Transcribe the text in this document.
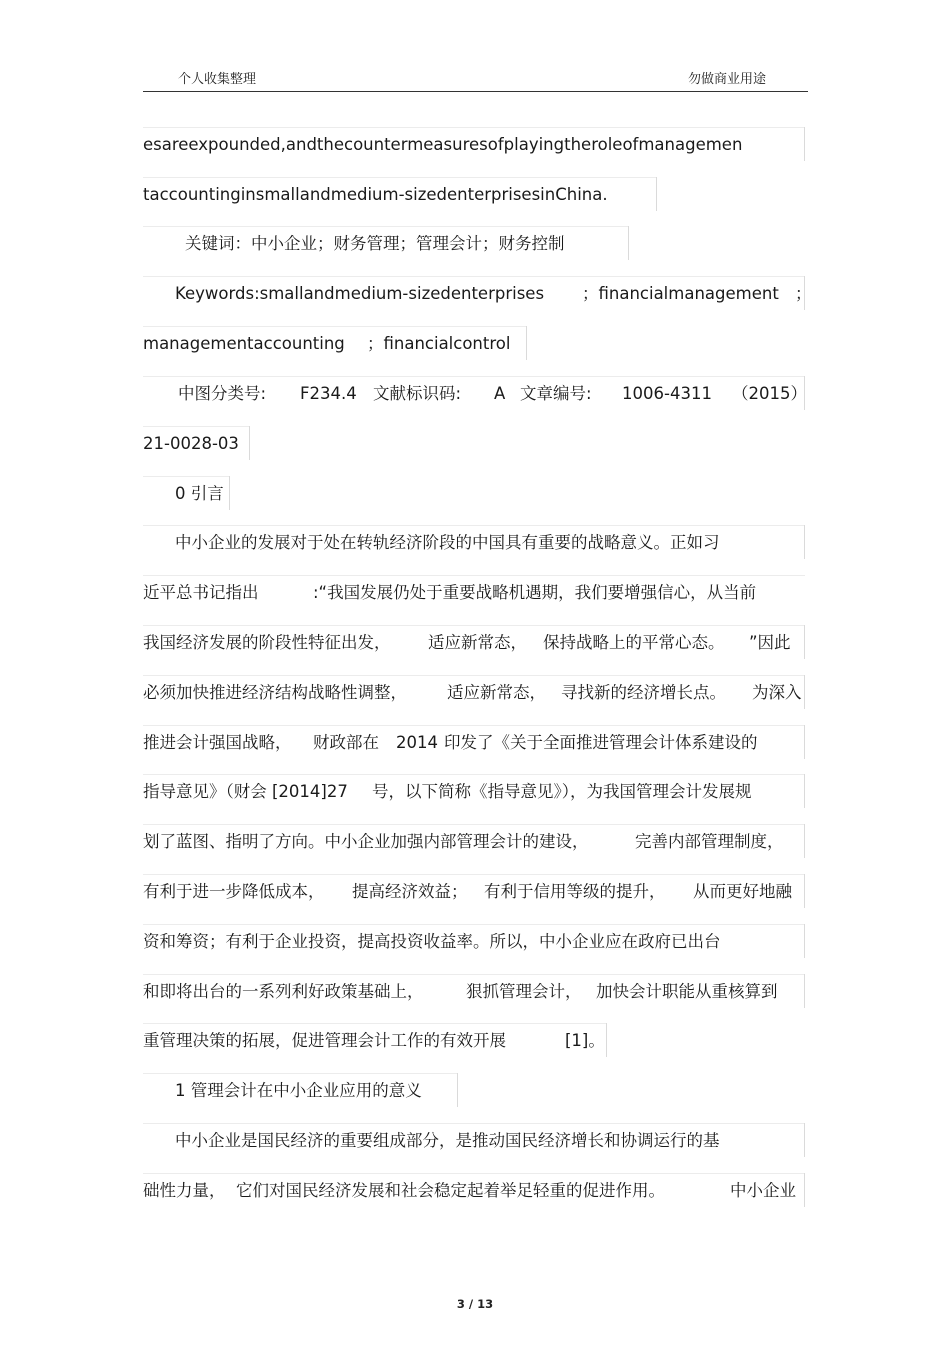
个人收集整理	勿做商业用途
esareexpounded,andthecountermeasuresofplayingtheroleofmanagemen
taccountinginsmallandmedium-sizedenterprisesinChina.
关键词：中小企业；财务管理；管理会计；财务控制
Keywords:smallandmedium-sizedenterprises ；financialmanagement ；
managementaccounting ；financialcontrol
中图分类号: F234.4 文献标识码: A 文章编号: 1006-4311 （2015）
21-0028-03
0 引言
中小企业的发展对于处在转轨经济阶段的中国具有重要的战略意义。正如习
近平总书记指出	:“我国发展仍处于重要战略机遇期，我们要增强信心，从当前
我国经济发展的阶段性特征出发， 适应新常态， 保持战略上的平常心态。 ”因此
必须加快推进经济结构战略性调整， 适应新常态， 寻找新的经济增长点。 为深入
推进会计强国战略， 财政部在 2014 印发了《关于全面推进管理会计体系建设的
指导意见》（财会 [2014]27 号，以下简称《指导意见》），为我国管理会计发展规
划了蓝图、指明了方向。中小企业加强内部管理会计的建设，	完善内部管理制度，
有利于进一步降低成本， 提高经济效益； 有利于信用等级的提升， 从而更好地融
资和筹资；有利于企业投资，提高投资收益率。所以，中小企业应在政府已出台
和即将出台的一系列利好政策基础上，	狠抓管理会计， 加快会计职能从重核算到
重管理决策的拓展，促进管理会计工作的有效开展	[1]。
1 管理会计在中小企业应用的意义
中小企业是国民经济的重要组成部分，是推动国民经济增长和协调运行的基
础性力量， 它们对国民经济发展和社会稳定起着举足轻重的促进作用。	中小企业
3 / 13
